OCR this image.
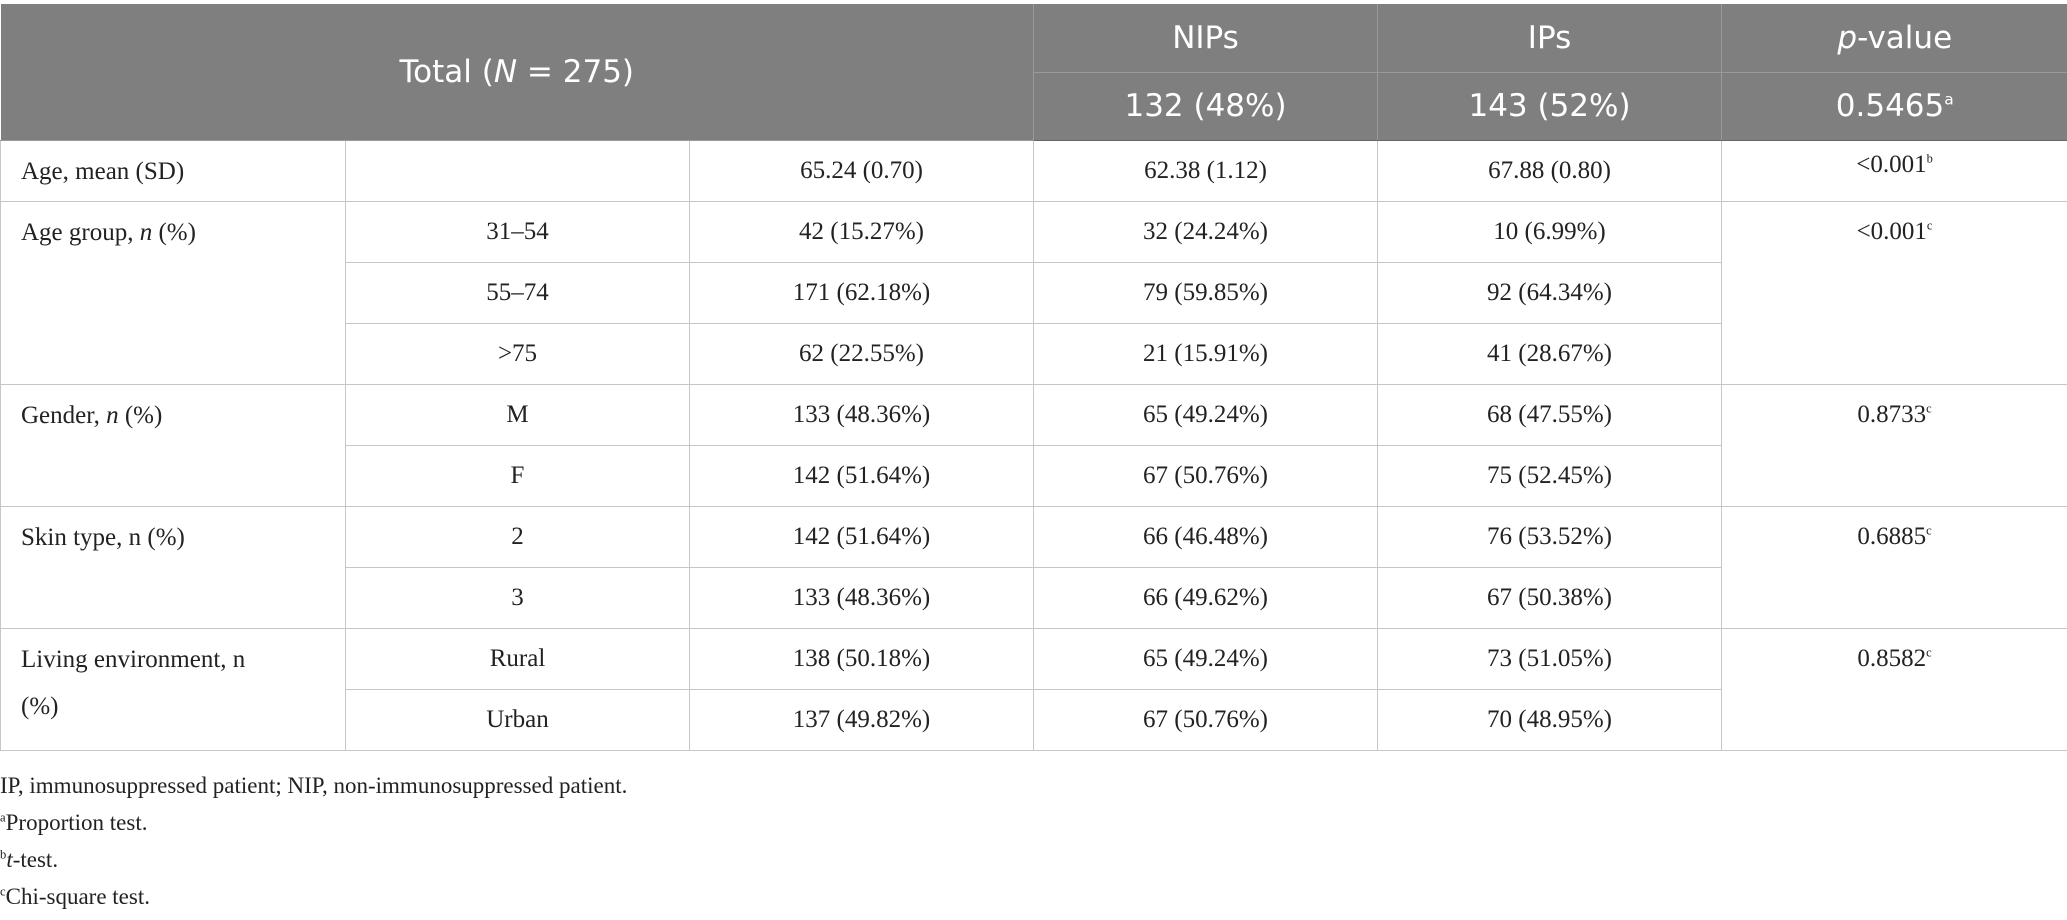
Total (N = 275)			NIPs	IPs	p-value
			132 (48%)	143 (52%)	0.5465$^a$
Age, mean (SD)		65.24 (0.70)	62.38 (1.12)	67.88 (0.80)	<0.001$^b$
Age group, n (%)	31–54	42 (15.27%)	32 (24.24%)	10 (6.99%)	<0.001$^c$
	55–74	171 (62.18%)	79 (59.85%)	92 (64.34%)	
	>75	62 (22.55%)	21 (15.91%)	41 (28.67%)	
Gender, n (%)	M	133 (48.36%)	65 (49.24%)	68 (47.55%)	0.8733$^c$
	F	142 (51.64%)	67 (50.76%)	75 (52.45%)	
Skin type, n (%)	2	142 (51.64%)	66 (46.48%)	76 (53.52%)	0.6885$^c$
	3	133 (48.36%)	66 (49.62%)	67 (50.38%)	
Living environment, n
(%)	Rural	138 (50.18%)	65 (49.24%)	73 (51.05%)	0.8582$^c$
	Urban	137 (49.82%)	67 (50.76%)	70 (48.95%)	
IP, immunosuppressed patient; NIP, non-immunosuppressed patient.
$^a$Proportion test.
$^b$t-test.
$^c$Chi-square test.
